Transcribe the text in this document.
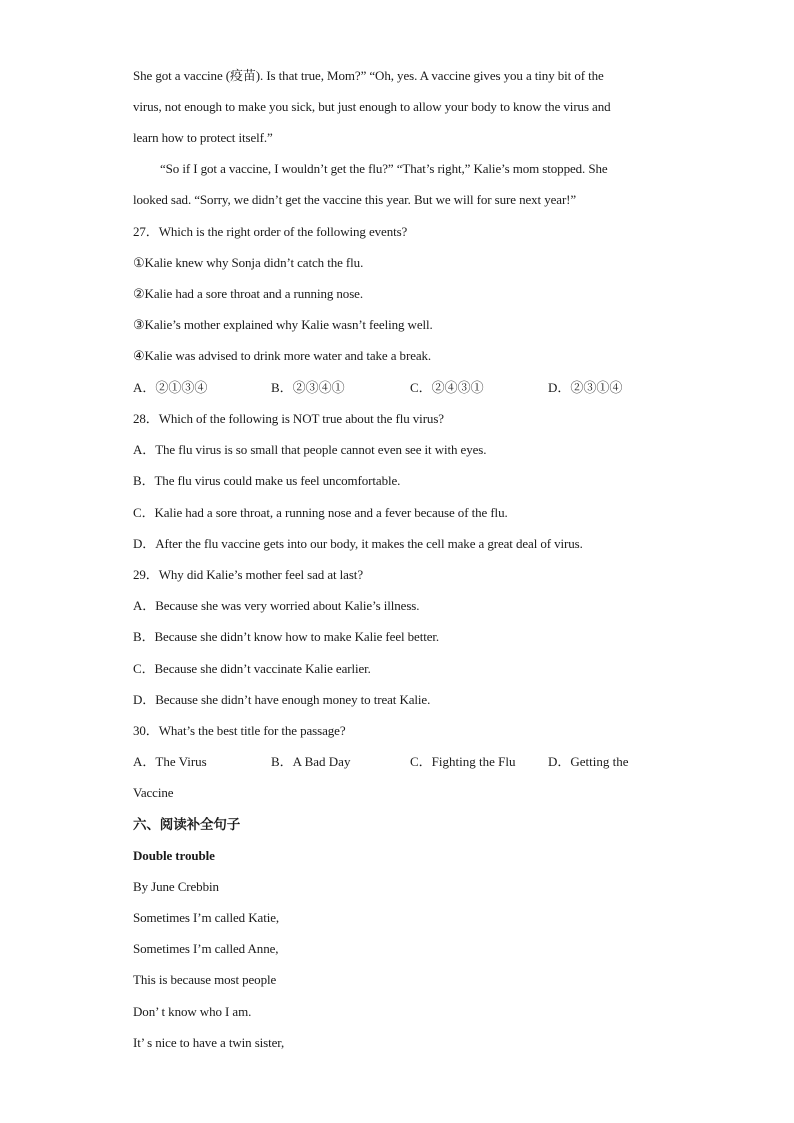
She got a vaccine (疫苗). Is that true, Mom?” “Oh, yes. A vaccine gives you a tiny bit of the
virus, not enough to make you sick, but just enough to allow your body to know the virus and
learn how to protect itself.”
“So if I got a vaccine, I wouldn’t get the flu?” “That’s right,” Kalie’s mom stopped. She
looked sad. “Sorry, we didn’t get the vaccine this year. But we will for sure next year!”
27．Which is the right order of the following events?
①Kalie knew why Sonja didn’t catch the flu.
②Kalie had a sore throat and a running nose.
③Kalie’s mother explained why Kalie wasn’t feeling well.
④Kalie was advised to drink more water and take a break.
A．②①③④	B．②③④①	C．②④③①	D．②③①④
28．Which of the following is NOT true about the flu virus?
A．The flu virus is so small that people cannot even see it with eyes.
B．The flu virus could make us feel uncomfortable.
C．Kalie had a sore throat, a running nose and a fever because of the flu.
D．After the flu vaccine gets into our body, it makes the cell make a great deal of virus.
29．Why did Kalie’s mother feel sad at last?
A．Because she was very worried about Kalie’s illness.
B．Because she didn’t know how to make Kalie feel better.
C．Because she didn’t vaccinate Kalie earlier.
D．Because she didn’t have enough money to treat Kalie.
30．What’s the best title for the passage?
A．The Virus	B．A Bad Day	C．Fighting the Flu	D．Getting the
Vaccine
六、阅读补全句子
Double trouble
By June Crebbin
Sometimes I’m called Katie,
Sometimes I’m called Anne,
This is because most people
Don’ t know who I am.
It’ s nice to have a twin sister,
